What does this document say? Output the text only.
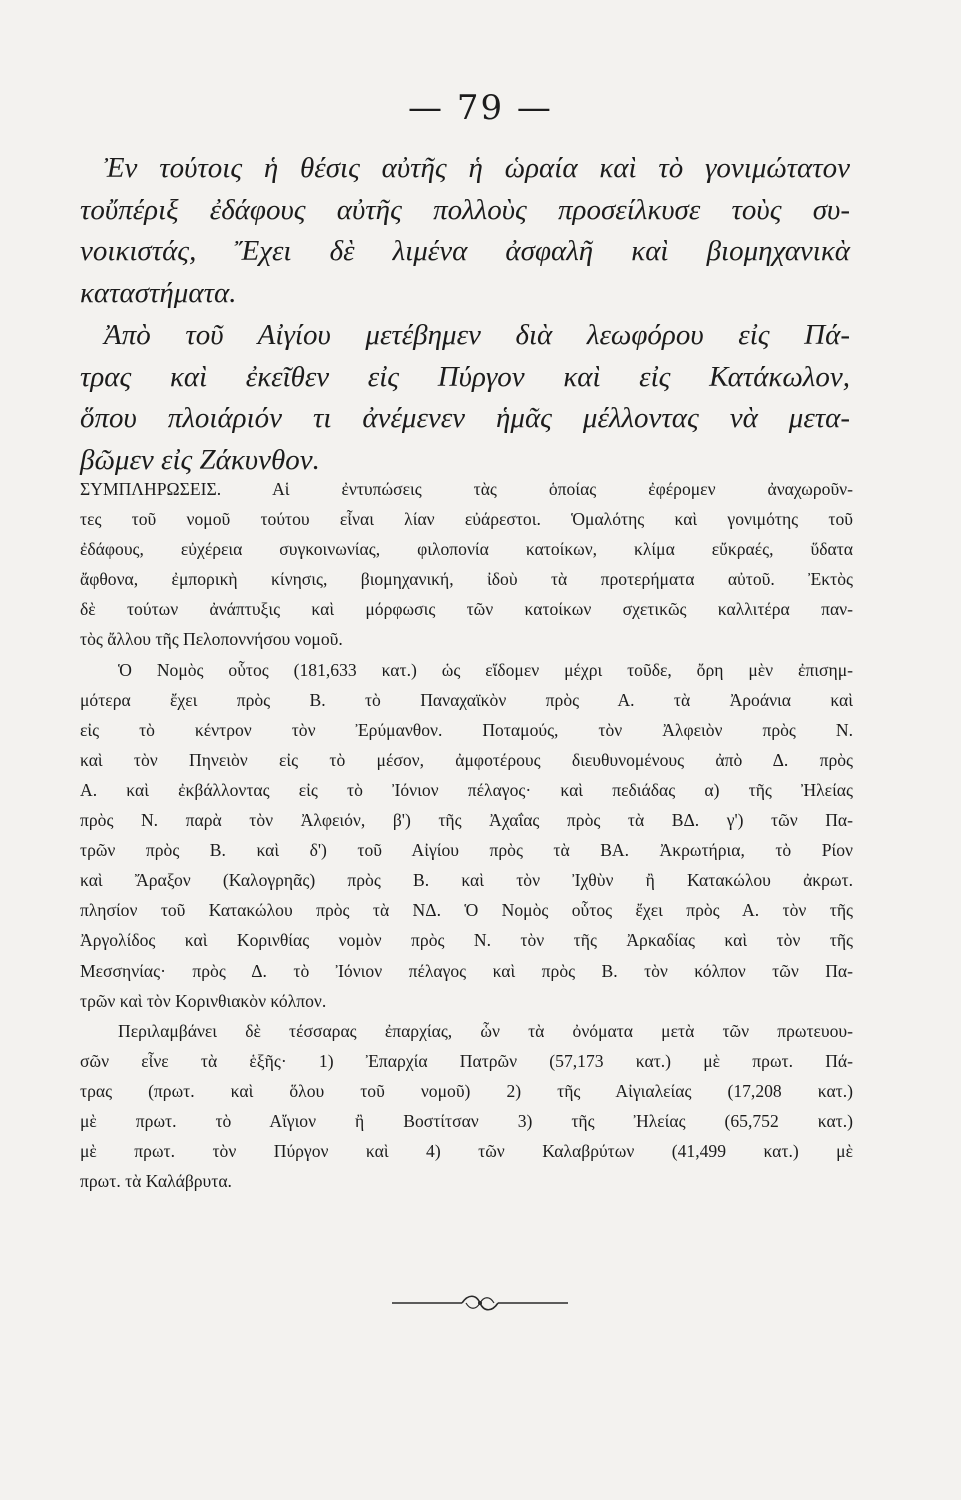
— 79 —
Ἐν τούτοις ἡ θέσις αὐτῆς ἡ ὡραία καὶ τὸ γονιμώτατον
τοὔπέριξ ἐδάφους αὐτῆς πολλοὺς προσείλκυσε τοὺς συ-
νοικιστάς, Ἔχει δὲ λιμένα ἀσφαλῆ καὶ βιομηχανικὰ
καταστήματα.
Ἀπὸ τοῦ Αἰγίου μετέβημεν διὰ λεωφόρου εἰς Πά-
τρας καὶ ἐκεῖθεν εἰς Πύργον καὶ εἰς Κατάκωλον,
ὅπου πλοιάριόν τι ἀνέμενεν ἡμᾶς μέλλοντας νὰ μετα-
βῶμεν εἰς Ζάκυνθον.
ΣΥΜΠΛΗΡΩΣΕΙΣ. Αἱ ἐντυπώσεις τὰς ὁποίας ἐφέρομεν ἀναχωροῦν-
τες τοῦ νομοῦ τούτου εἶναι λίαν εὐάρεστοι. Ὁμαλότης καὶ γονιμότης τοῦ
ἐδάφους, εὐχέρεια συγκοινωνίας, φιλοπονία κατοίκων, κλίμα εὔκραές, ὕδατα
ἄφθονα, ἐμπορικὴ κίνησις, βιομηχανική, ἰδοὺ τὰ προτερήματα αὐτοῦ. Ἐκτὸς
δὲ τούτων ἀνάπτυξις καὶ μόρφωσις τῶν κατοίκων σχετικῶς καλλιτέρα παν-
τὸς ἄλλου τῆς Πελοποννήσου νομοῦ.
Ὁ Νομὸς οὗτος (181,633 κατ.) ὡς εἴδομεν μέχρι τοῦδε, ὄρη μὲν ἐπισημ-
μότερα ἔχει πρὸς Β. τὸ Παναχαϊκὸν πρὸς Α. τὰ Ἀροάνια καὶ
εἰς τὸ κέντρον τὸν Ἐρύμανθον. Ποταμούς, τὸν Ἀλφειὸν πρὸς Ν.
καὶ τὸν Πηνειὸν εἰς τὸ μέσον, ἀμφοτέρους διευθυνομένους ἀπὸ Δ. πρὸς
Α. καὶ ἐκβάλλοντας εἰς τὸ Ἰόνιον πέλαγος· καὶ πεδιάδας α) τῆς Ἠλείας
πρὸς Ν. παρὰ τὸν Ἀλφειόν, β') τῆς Ἀχαΐας πρὸς τὰ ΒΔ. γ') τῶν Πα-
τρῶν πρὸς Β. καὶ δ') τοῦ Αἰγίου πρὸς τὰ ΒΑ. Ἀκρωτήρια, τὸ Ρίον
καὶ Ἄραξον (Καλογρηᾶς) πρὸς Β. καὶ τὸν Ἰχθὺν ἢ Κατακώλου ἀκρωτ.
πλησίον τοῦ Κατακώλου πρὸς τὰ ΝΔ. Ὁ Νομὸς οὗτος ἔχει πρὸς Α. τὸν τῆς
Ἀργολίδος καὶ Κορινθίας νομὸν πρὸς Ν. τὸν τῆς Ἀρκαδίας καὶ τὸν τῆς
Μεσσηνίας· πρὸς Δ. τὸ Ἰόνιον πέλαγος καὶ πρὸς Β. τὸν κόλπον τῶν Πα-
τρῶν καὶ τὸν Κορινθιακὸν κόλπον.
Περιλαμβάνει δὲ τέσσαρας ἐπαρχίας, ὧν τὰ ὀνόματα μετὰ τῶν πρωτευου-
σῶν εἶνε τὰ ἑξῆς· 1) Ἐπαρχία Πατρῶν (57,173 κατ.) μὲ πρωτ. Πά-
τρας (πρωτ. καὶ ὅλου τοῦ νομοῦ) 2) τῆς Αἰγιαλείας (17,208 κατ.)
μὲ πρωτ. τὸ Αἴγιον ἢ Βοστίτσαν 3) τῆς Ἠλείας (65,752 κατ.)
μὲ πρωτ. τὸν Πύργον καὶ 4) τῶν Καλαβρύτων (41,499 κατ.) μὲ
πρωτ. τὰ Καλάβρυτα.
